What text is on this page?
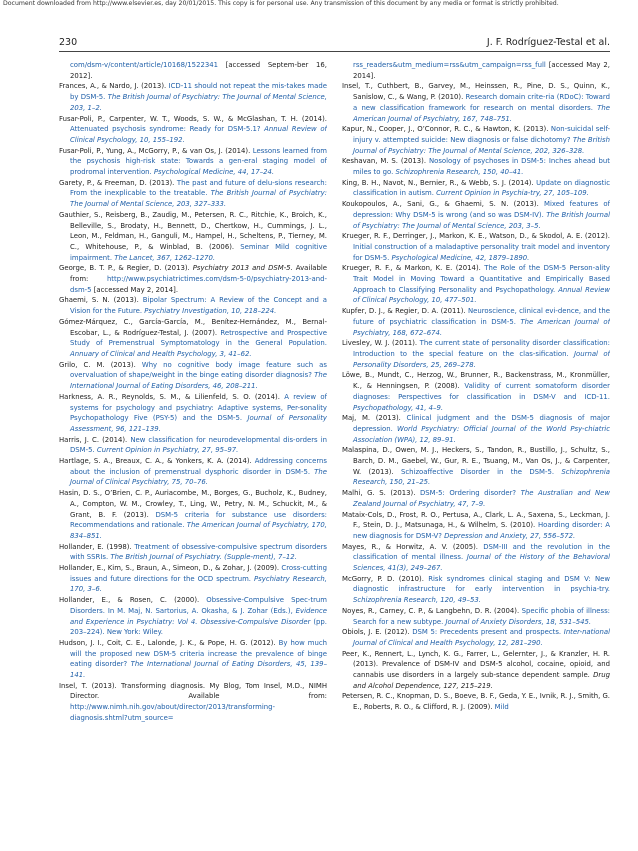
Document downloaded from http://www.elsevier.es, day 20/01/2015. This copy is for personal use. Any transmission of this document by any media or format is strictly prohibited.
230	J. F. Rodríguez-Testal et al.

com/dsm-v/content/article/10168/1522341 [accessed Septem-ber 16, 2012].

Frances, A., & Nardo, J. (2013). ICD-11 should not repeat the mis-takes made by DSM-5. The British Journal of Psychiatry: The Journal of Mental Science, 203, 1–2.

Fusar-Poli, P., Carpenter, W. T., Woods, S. W., & McGlashan, T. H. (2014). Attenuated psychosis syndrome: Ready for DSM-5.1? Annual Review of Clinical Psychology, 10, 155–192.

Fusar-Poli, P., Yung, A., McGorry, P., & van Os, J. (2014). Lessons learned from the psychosis high-risk state: Towards a gen-eral staging model of prodromal intervention. Psychological Medicine, 44, 17–24.

Garety, P., & Freeman, D. (2013). The past and future of delu-sions research: From the inexplicable to the treatable. The British Journal of Psychiatry: The Journal of Mental Science, 203, 327–333.

Gauthier, S., Reisberg, B., Zaudig, M., Petersen, R. C., Ritchie, K., Broich, K., Belleville, S., Brodaty, H., Bennett, D., Chertkow, H., Cummings, J. L., Leon, M., Feldman, H., Ganguli, M., Hampel, H., Scheltens, P., Tierney, M. C., Whitehouse, P., & Winblad, B. (2006). Seminar Mild cognitive impairment. The Lancet, 367, 1262–1270.

George, B. T. P., & Regier, D. (2013). Psychiatry 2013 and DSM-5. Available from: http://www.psychiatrictimes.com/dsm-5-0/psychiatry-2013-and-dsm-5 [accessed May 2, 2014].

Ghaemi, S. N. (2013). Bipolar Spectrum: A Review of the Concept and a Vision for the Future. Psychiatry Investigation, 10, 218–224.

Gómez-Márquez, C., García-García, M., Benítez-Hernández, M., Bernal-Escobar, L., & Rodríguez-Testal, J. (2007). Retrospective and Prospective Study of Premenstrual Symptomatology in the General Population. Annuary of Clinical and Health Psychology, 3, 41–62.

Grilo, C. M. (2013). Why no cognitive body image feature such as overvaluation of shape/weight in the binge eating disorder diagnosis? The International Journal of Eating Disorders, 46, 208–211.

Harkness, A. R., Reynolds, S. M., & Lilienfeld, S. O. (2014). A review of systems for psychology and psychiatry: Adaptive systems, Per-sonality Psychopathology Five (PSY-5) and the DSM-5. Journal of Personality Assessment, 96, 121–139.

Harris, J. C. (2014). New classification for neurodevelopmental dis-orders in DSM-5. Current Opinion in Psychiatry, 27, 95–97.

Hartlage, S. A., Breaux, C. A., & Yonkers, K. A. (2014). Addressing concerns about the inclusion of premenstrual dysphoric disorder in DSM-5. The Journal of Clinical Psychiatry, 75, 70–76.

Hasin, D. S., O’Brien, C. P., Auriacombe, M., Borges, G., Bucholz, K., Budney, A., Compton, W. M., Crowley, T., Ling, W., Petry, N. M., Schuckit, M., & Grant, B. F. (2013). DSM-5 criteria for substance use disorders: Recommendations and rationale. The American Journal of Psychiatry, 170, 834–851.

Hollander, E. (1998). Treatment of obsessive-compulsive spectrum disorders with SSRIs. The British Journal of Psychiatry. (Supple-ment), 7–12.

Hollander, E., Kim, S., Braun, A., Simeon, D., & Zohar, J. (2009). Cross-cutting issues and future directions for the OCD spectrum. Psychiatry Research, 170, 3–6.

Hollander, E., & Rosen, C. (2000). Obsessive-Compulsive Spec-trum Disorders. In M. Maj, N. Sartorius, A. Okasha, & J. Zohar (Eds.), Evidence and Experience in Psychiatry: Vol 4. Obsessive-Compulsive Disorder (pp. 203–224). New York: Wiley.

Hudson, J. I., Coit, C. E., Lalonde, J. K., & Pope, H. G. (2012). By how much will the proposed new DSM-5 criteria increase the prevalence of binge eating disorder? The International Journal of Eating Disorders, 45, 139–141.

Insel, T. (2013). Transforming diagnosis. My Blog, Tom Insel, M.D., NIMH Director. Available from: http://www.nimh.nih.gov/about/director/2013/transforming-diagnosis.shtml?utm_source=

rss_readers&utm_medium=rss&utm_campaign=rss_full [accessed May 2, 2014].

Insel, T., Cuthbert, B., Garvey, M., Heinssen, R., Pine, D. S., Quinn, K., Sanislow, C., & Wang, P. (2010). Research domain crite-ria (RDoC): Toward a new classification framework for research on mental disorders. The American Journal of Psychiatry, 167, 748–751.

Kapur, N., Cooper, J., O’Connor, R. C., & Hawton, K. (2013). Non-suicidal self-injury v. attempted suicide: New diagnosis or false dichotomy? The British Journal of Psychiatry: The Journal of Mental Science, 202, 326–328.

Keshavan, M. S. (2013). Nosology of psychoses in DSM-5: Inches ahead but miles to go. Schizophrenia Research, 150, 40–41.

King, B. H., Navot, N., Bernier, R., & Webb, S. J. (2014). Update on diagnostic classification in autism. Current Opinion in Psychia-try, 27, 105–109.

Koukopoulos, A., Sani, G., & Ghaemi, S. N. (2013). Mixed features of depression: Why DSM-5 is wrong (and so was DSM-IV). The British Journal of Psychiatry: The Journal of Mental Science, 203, 3–5.

Krueger, R. F., Derringer, J., Markon, K. E., Watson, D., & Skodol, A. E. (2012). Initial construction of a maladaptive personality trait model and inventory for DSM-5. Psychological Medicine, 42, 1879–1890.

Krueger, R. F., & Markon, K. E. (2014). The Role of the DSM-5 Person-ality Trait Model in Moving Toward a Quantitative and Empirically Based Approach to Classifying Personality and Psychopathology. Annual Review of Clinical Psychology, 10, 477–501.

Kupfer, D. J., & Regier, D. A. (2011). Neuroscience, clinical evi-dence, and the future of psychiatric classification in DSM-5. The American Journal of Psychiatry, 168, 672–674.

Livesley, W. J. (2011). The current state of personality disorder classification: Introduction to the special feature on the clas-sification. Journal of Personality Disorders, 25, 269–278.

Löwe, B., Mundt, C., Herzog, W., Brunner, R., Backenstrass, M., Kronmüller, K., & Henningsen, P. (2008). Validity of current somatoform disorder diagnoses: Perspectives for classification in DSM-V and ICD-11. Psychopathology, 41, 4–9.

Maj, M. (2013). Clinical judgment and the DSM-5 diagnosis of major depression. World Psychiatry: Official Journal of the World Psy-chiatric Association (WPA), 12, 89–91.

Malaspina, D., Owen, M. J., Heckers, S., Tandon, R., Bustillo, J., Schultz, S., Barch, D. M., Gaebel, W., Gur, R. E., Tsuang, M., Van Os, J., & Carpenter, W. (2013). Schizoaffective Disorder in the DSM-5. Schizophrenia Research, 150, 21–25.

Malhi, G. S. (2013). DSM-5: Ordering disorder? The Australian and New Zealand Journal of Psychiatry, 47, 7–9.

Mataix-Cols, D., Frost, R. O., Pertusa, A., Clark, L. A., Saxena, S., Leckman, J. F., Stein, D. J., Matsunaga, H., & Wilhelm, S. (2010). Hoarding disorder: A new diagnosis for DSM-V? Depression and Anxiety, 27, 556–572.

Mayes, R., & Horwitz, A. V. (2005). DSM-III and the revolution in the classification of mental illness. Journal of the History of the Behavioral Sciences, 41(3), 249–267.

McGorry, P. D. (2010). Risk syndromes clinical staging and DSM V: New diagnostic infrastructure for early intervention in psychia-try. Schizophrenia Research, 120, 49–53.

Noyes, R., Carney, C. P., & Langbehn, D. R. (2004). Specific phobia of illness: Search for a new subtype. Journal of Anxiety Disorders, 18, 531–545.

Obiols, J. E. (2012). DSM 5: Precedents present and prospects. Inter-national Journal of Clinical and Health Psychology, 12, 281–290.

Peer, K., Rennert, L., Lynch, K. G., Farrer, L., Gelernter, J., & Kranzler, H. R. (2013). Prevalence of DSM-IV and DSM-5 alcohol, cocaine, opioid, and cannabis use disorders in a largely sub-stance dependent sample. Drug and Alcohol Dependence, 127, 215–219.

Petersen, R. C., Knopman, D. S., Boeve, B. F., Geda, Y. E., Ivnik, R. J., Smith, G. E., Roberts, R. O., & Clifford, R. J. (2009). Mild
